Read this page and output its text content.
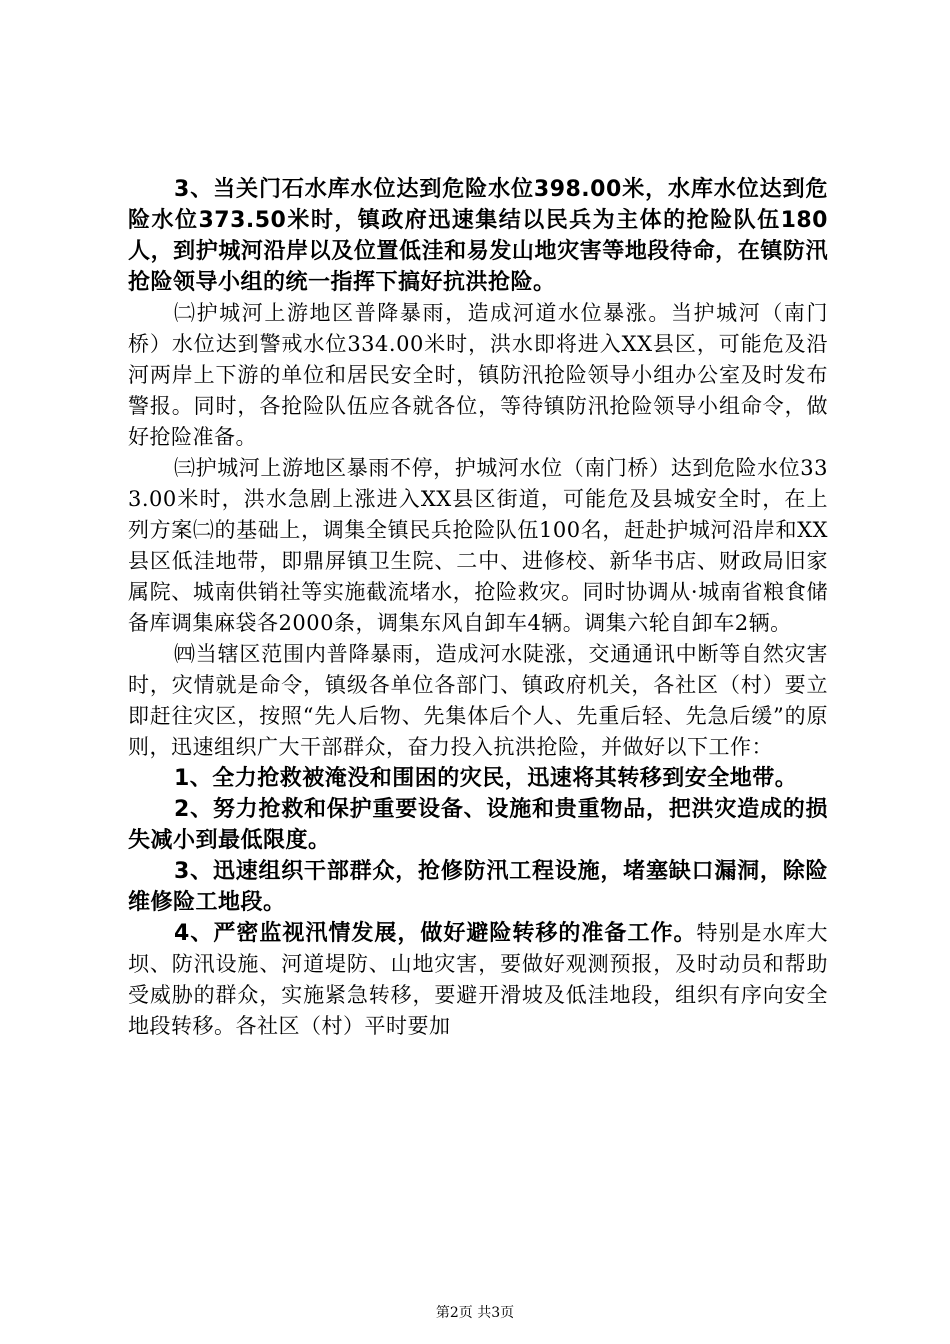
3、当关门石水库水位达到危险水位398.00米，水库水位达到危险水位373.50米时，镇政府迅速集结以民兵为主体的抢险队伍180人，到护城河沿岸以及位置低洼和易发山地灾害等地段待命，在镇防汛抢险领导小组的统一指挥下搞好抗洪抢险。

㈡护城河上游地区普降暴雨，造成河道水位暴涨。当护城河（南门桥）水位达到警戒水位334.00米时，洪水即将进入XX县区，可能危及沿河两岸上下游的单位和居民安全时，镇防汛抢险领导小组办公室及时发布警报。同时，各抢险队伍应各就各位，等待镇防汛抢险领导小组命令，做好抢险准备。

㈢护城河上游地区暴雨不停，护城河水位（南门桥）达到危险水位333.00米时，洪水急剧上涨进入XX县区街道，可能危及县城安全时，在上列方案㈡的基础上，调集全镇民兵抢险队伍100名，赶赴护城河沿岸和XX县区低洼地带，即鼎屏镇卫生院、二中、进修校、新华书店、财政局旧家属院、城南供销社等实施截流堵水，抢险救灾。同时协调从·城南省粮食储备库调集麻袋各2000条，调集东风自卸车4辆。调集六轮自卸车2辆。

㈣当辖区范围内普降暴雨，造成河水陡涨，交通通讯中断等自然灾害时，灾情就是命令，镇级各单位各部门、镇政府机关，各社区（村）要立即赶往灾区，按照“先人后物、先集体后个人、先重后轻、先急后缓”的原则，迅速组织广大干部群众，奋力投入抗洪抢险，并做好以下工作：

1、全力抢救被淹没和围困的灾民，迅速将其转移到安全地带。

2、努力抢救和保护重要设备、设施和贵重物品，把洪灾造成的损失减小到最低限度。

3、迅速组织干部群众，抢修防汛工程设施，堵塞缺口漏洞，除险维修险工地段。

4、严密监视汛情发展，做好避险转移的准备工作。特别是水库大坝、防汛设施、河道堤防、山地灾害，要做好观测预报，及时动员和帮助受威胁的群众，实施紧急转移，要避开滑坡及低洼地段，组织有序向安全地段转移。各社区（村）平时要加

第2页 共3页
